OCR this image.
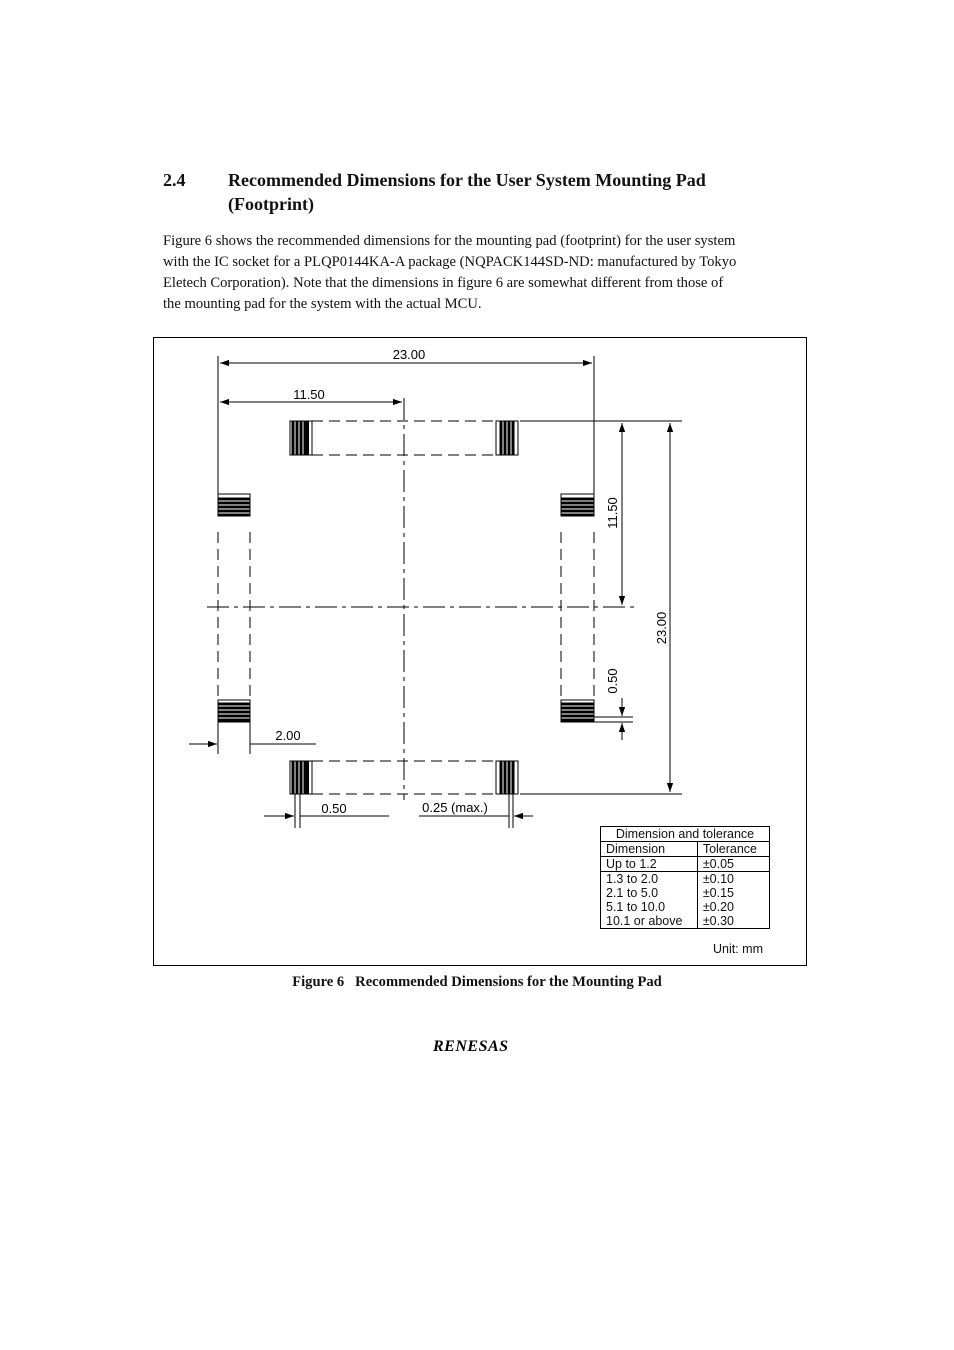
2.4 Recommended Dimensions for the User System Mounting Pad
(Footprint)
Figure 6 shows the recommended dimensions for the mounting pad (footprint) for the user system
with the IC socket for a PLQP0144KA-A package (NQPACK144SD-ND: manufactured by Tokyo
Eletech Corporation). Note that the dimensions in figure 6 are somewhat different from those of
the mounting pad for the system with the actual MCU.
23.00
11.50
2.00
0.50	0.25 (max.)
11.50
23.00
0.50
Dimension and tolerance	
Dimension	Tolerance
Up to 1.2	±0.05
1.3 to 2.0	±0.10
2.1 to 5.0	±0.15
5.1 to 10.0	±0.20
10.1 or above	±0.30
Unit: mm
Figure 6   Recommended Dimensions for the Mounting Pad
RENESAS
